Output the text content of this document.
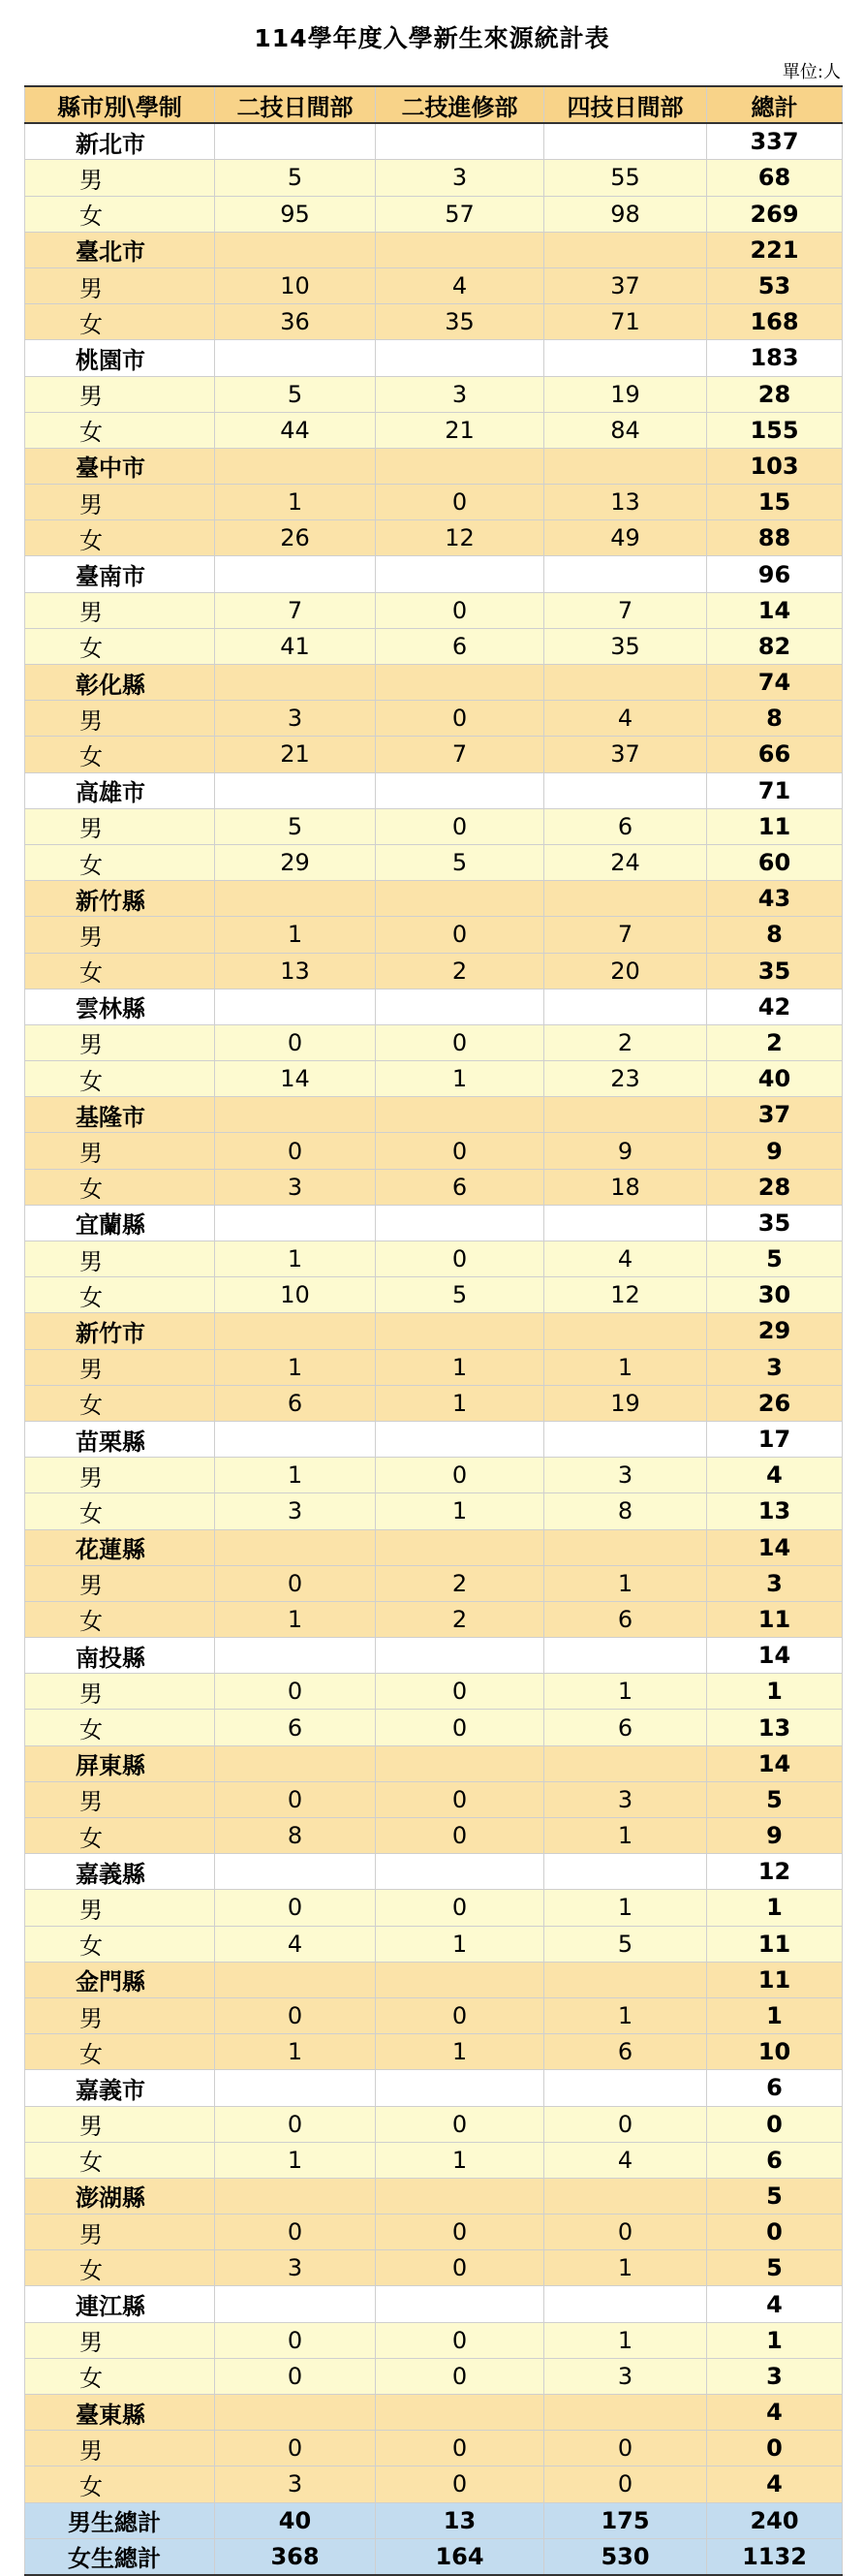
114學年度入學新生來源統計表
單位:人
縣市別\學制	二技日間部	二技進修部	四技日間部	總計
新北市				337
男	5	3	55	68
女	95	57	98	269
臺北市				221
男	10	4	37	53
女	36	35	71	168
桃園市				183
男	5	3	19	28
女	44	21	84	155
臺中市				103
男	1	0	13	15
女	26	12	49	88
臺南市				96
男	7	0	7	14
女	41	6	35	82
彰化縣				74
男	3	0	4	8
女	21	7	37	66
高雄市				71
男	5	0	6	11
女	29	5	24	60
新竹縣				43
男	1	0	7	8
女	13	2	20	35
雲林縣				42
男	0	0	2	2
女	14	1	23	40
基隆市				37
男	0	0	9	9
女	3	6	18	28
宜蘭縣				35
男	1	0	4	5
女	10	5	12	30
新竹市				29
男	1	1	1	3
女	6	1	19	26
苗栗縣				17
男	1	0	3	4
女	3	1	8	13
花蓮縣				14
男	0	2	1	3
女	1	2	6	11
南投縣				14
男	0	0	1	1
女	6	0	6	13
屏東縣				14
男	0	0	3	5
女	8	0	1	9
嘉義縣				12
男	0	0	1	1
女	4	1	5	11
金門縣				11
男	0	0	1	1
女	1	1	6	10
嘉義市				6
男	0	0	0	0
女	1	1	4	6
澎湖縣				5
男	0	0	0	0
女	3	0	1	5
連江縣				4
男	0	0	1	1
女	0	0	3	3
臺東縣				4
男	0	0	0	0
女	3	0	0	4
男生總計	40	13	175	240
女生總計	368	164	530	1132
